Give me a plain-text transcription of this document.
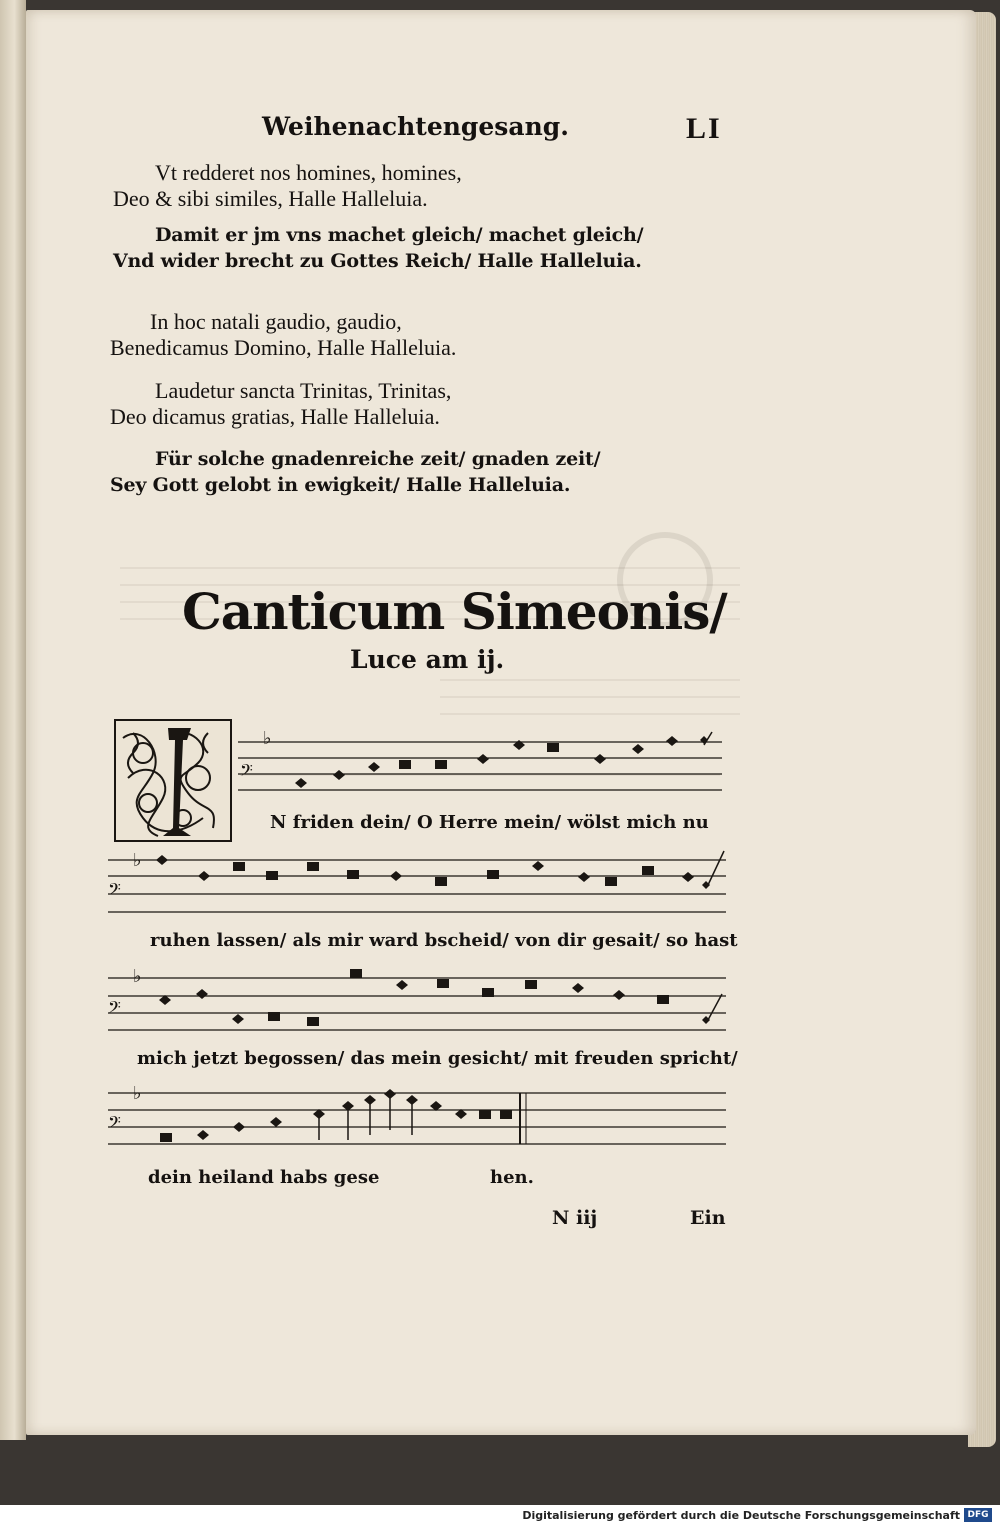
Weihenachtengesang.	LI
Vt redderet nos homines, homines,
Deo & sibi similes, Halle Halleluia.
Damit er jm vns machet gleich/ machet gleich/
Vnd wider brecht zu Gottes Reich/ Halle Halleluia.
In hoc natali gaudio, gaudio,
Benedicamus Domino, Halle Halleluia.
Laudetur sancta Trinitas, Trinitas,
Deo dicamus gratias, Halle Halleluia.
Für solche gnadenreiche zeit/ gnaden zeit/
Sey Gott gelobt in ewigkeit/ Halle Halleluia.
Canticum Simeonis/
Luce am ij.
𝄢
𝄢
𝄢
𝄢
♭
♭
♭
♭
N friden dein/ O Herre mein/ wölst mich nu
ruhen lassen/ als mir ward bscheid/ von dir gesait/ so hast
mich jetzt begossen/ das mein gesicht/ mit freuden spricht/
dein heiland habs gese	hen.
N iij	Ein
Digitalisierung gefördert durch die Deutsche Forschungsgemeinschaft DFG
